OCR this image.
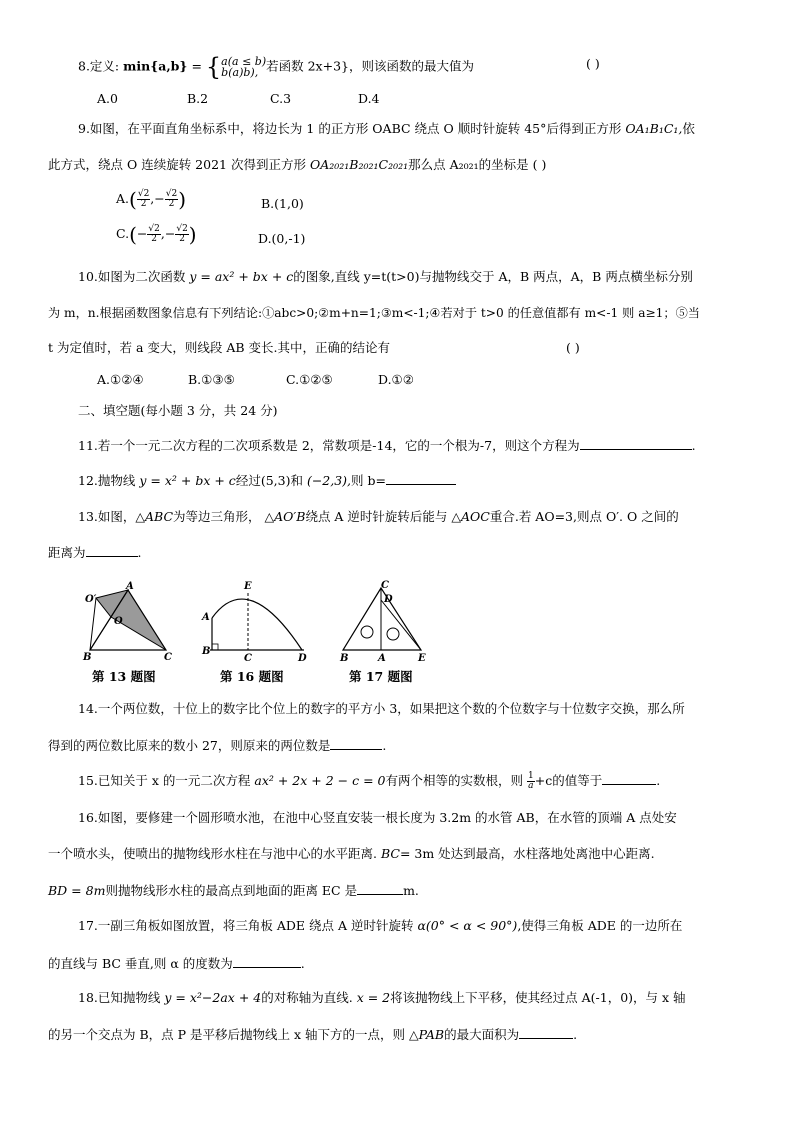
8.定义: min{a,b} = { a(a ≤ b)
b(a)b), 若函数 2x+3}，则该函数的最大值为	( )
A.0	B.2	C.3	D.4
9.如图，在平面直角坐标系中，将边长为 1 的正方形 OABC 绕点 O 顺时针旋转 45°后得到正方形 OA₁B₁C₁,依
此方式，绕点 O 连续旋转 2021 次得到正方形 OA₂₀₂₁B₂₀₂₁C₂₀₂₁那么点 A₂₀₂₁的坐标是 ( )
$A.( \frac{√2}{2}$ ,− $\frac{√2}{2}$ )	B.(1,0)
$C.(- \frac{√2}{2}$ ,− $\frac{√2}{2}$ )	D.(0,-1)
10.如图为二次函数 y = ax² + bx + c的图象,直线 y=t(t>0)与抛物线交于 A，B 两点，A，B 两点横坐标分别
为 m，n.根据函数图象信息有下列结论:①abc>0;②m+n=1;③m<-1;④若对于 t>0 的任意值都有 m<-1 则 a≥1；⑤当
t 为定值时，若 a 变大，则线段 AB 变长.其中，正确的结论有	( )
A.①②④	B.①③⑤	C.①②⑤	D.①②
二、填空题(每小题 3 分，共 24 分)
11.若一个一元二次方程的二次项系数是 2，常数项是-14，它的一个根为-7，则这个方程为	.
12.抛物线 y = x² + bx + c经过(5,3)和 (−2,3),则 b=
13.如图，△ABC为等边三角形， △AO′B绕点 A 逆时针旋转后能与 △AOC重合.若 AO=3,则点 O′. O 之间的
距离为	.
A
O′
O
B	C
E
A
B
C	D
C
D
B	A	E
第 13 题图	第 16 题图	第 17 题图
14.一个两位数，十位上的数字比个位上的数字的平方小 3，如果把这个数的个位数字与十位数字交换，那么所
得到的两位数比原来的数小 27，则原来的两位数是	.
15.已知关于 x 的一元二次方程 ax² + 2x + 2 − c = 0有两个相等的实数根，则 $\frac{1}{a} +c$的值等于	.
16.如图，要修建一个圆形喷水池，在池中心竖直安装一根长度为 3.2m 的水管 AB，在水管的顶端 A 点处安
一个喷水头，使喷出的抛物线形水柱在与池中心的水平距离. BC= 3m 处达到最高，水柱落地处离池中心距离.
BD = 8m则抛物线形水柱的最高点到地面的距离 EC 是	m.
17.一副三角板如图放置，将三角板 ADE 绕点 A 逆时针旋转 α(0° < α < 90°),使得三角板 ADE 的一边所在
的直线与 BC 垂直,则 α 的度数为	.
18.已知抛物线 y = x²−2ax + 4的对称轴为直线. x = 2将该抛物线上下平移，使其经过点 A(-1，0)，与 x 轴
的另一个交点为 B，点 P 是平移后抛物线上 x 轴下方的一点，则 △PAB的最大面积为	.
